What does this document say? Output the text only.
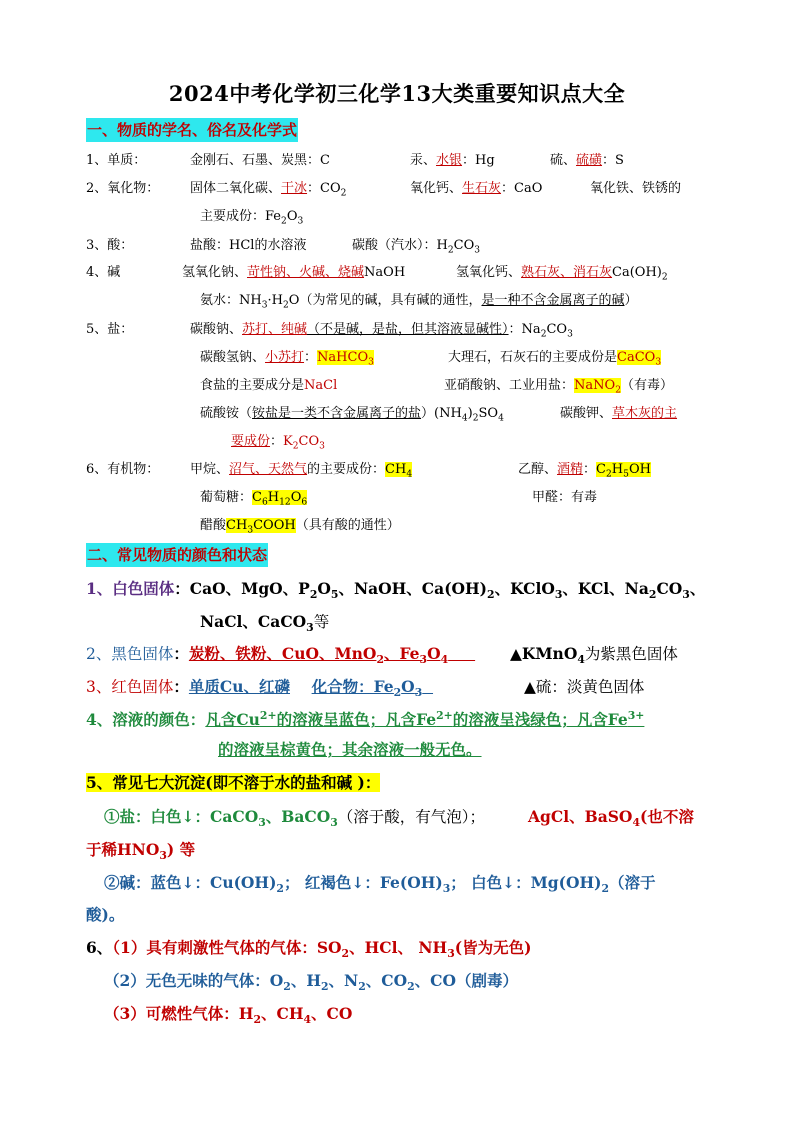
2024中考化学初三化学13大类重要知识点大全
一、物质的学名、俗名及化学式
1、单质：	金刚石、石墨、炭黑：C	汞、水银：Hg	硫、硫磺：S
2、氧化物： 固体二氧化碳、干冰：$CO_2$	氧化钙、生石灰：CaO	氧化铁、铁锈的
主要成份：$Fe_2O_3$
3、酸：	盐酸：HCl的水溶液	碳酸（汽水）：$H_2CO_3$
4、碱	氢氧化钠、苛性钠、火碱、烧碱NaOH	氢氧化钙、熟石灰、消石灰$Ca(OH)_2$
氨水：$NH_3\cdot H_2O$（为常见的碱，具有碱的通性，是一种不含金属离子的碱）
5、盐：	碳酸钠、苏打、纯碱（不是碱，是盐，但其溶液显碱性）：$Na_2CO_3$
碳酸氢钠、小苏打：NaHCO$_3$	大理石，石灰石的主要成份是CaCO$_3$
食盐的主要成分是NaCl	亚硝酸钠、工业用盐：NaNO$_2$（有毒）
硫酸铵（铵盐是一类不含金属离子的盐）$(NH_4)_2SO_4$	碳酸钾、草木灰的主
要成份：$K_2CO_3$
6、有机物： 甲烷、沼气、天然气的主要成份：$CH_4$	乙醇、酒精：$C_2H_5OH$
葡萄糖：$C_6H_{12}O_6$	甲醛：有毒
醋酸$CH_3COOH$（具有酸的通性）
二、常见物质的颜色和状态
1、白色固体：CaO、MgO、$P_2O_5$、NaOH、$Ca(OH)_2$、KClO$_3$、KCl、$Na_2CO_3$、
NaCl、CaCO$_3$等
2、黑色固体：炭粉、铁粉、CuO、MnO$_2$、$Fe_3O_4$	▲KMnO$_4$为紫黑色固体
3、红色固体：单质Cu、红磷 化合物：$Fe_2O_3$	▲硫：淡黄色固体
4、溶液的颜色：凡含$Cu^{2+}$的溶液呈蓝色；凡含$Fe^{2+}$的溶液呈浅绿色；凡含$Fe^{3+}$
的溶液呈棕黄色；其余溶液一般无色。
5、常见七大沉淀(即不溶于水的盐和碱 )：
①盐：白色↓：CaCO$_3$、BaCO$_3$（溶于酸，有气泡）；	AgCl、BaSO$_4$(也不溶
于稀$HNO_3$) 等
②碱：蓝色↓：$Cu(OH)_2$； 红褐色↓：$Fe(OH)_3$； 白色↓：$Mg(OH)_2$（溶于
酸)。
6、（1）具有刺激性气体的气体：$SO_2$、HCl、 $NH_3$(皆为无色)
（2）无色无味的气体：$O_2$、$H_2$、$N_2$、$CO_2$、CO（剧毒）
（3）可燃性气体：$H_2$、$CH_4$、CO
